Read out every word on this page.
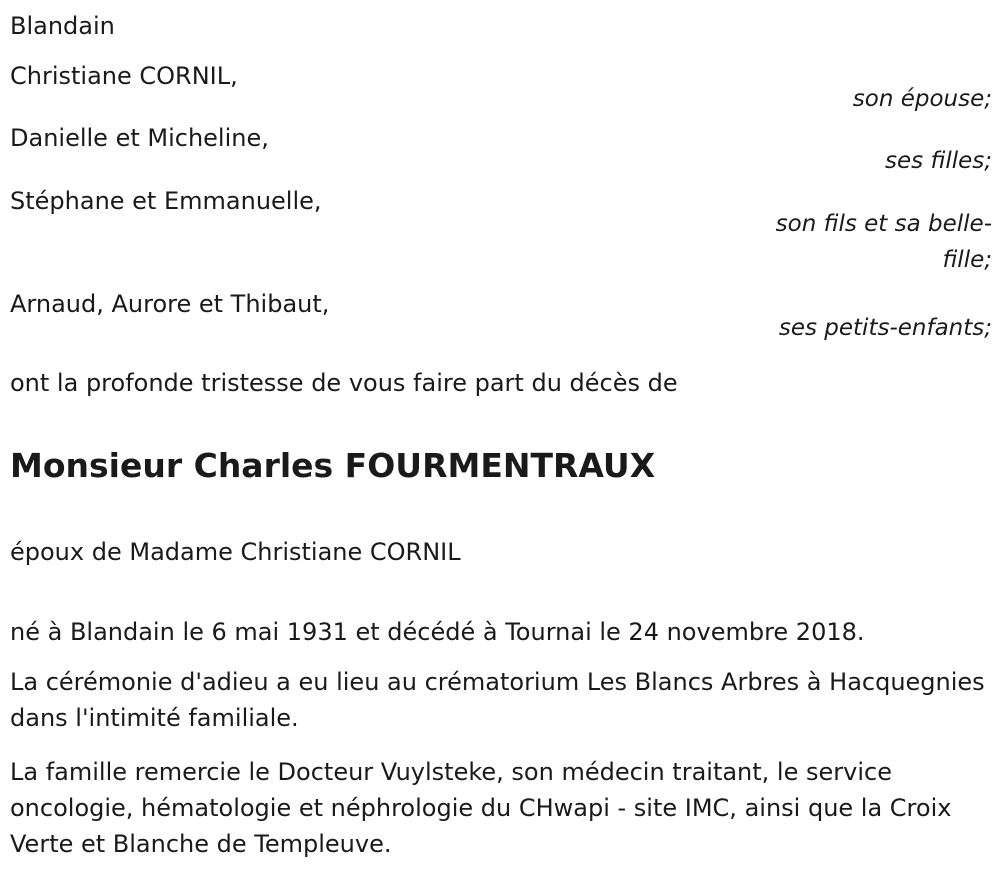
Blandain
Christiane CORNIL,
son épouse;
Danielle et Micheline,
ses filles;
Stéphane et Emmanuelle,
son fils et sa belle-fille;
Arnaud, Aurore et Thibaut,
ses petits-enfants;
ont la profonde tristesse de vous faire part du décès de
Monsieur Charles FOURMENTRAUX
époux de Madame Christiane CORNIL
né à Blandain le 6 mai 1931 et décédé à Tournai le 24 novembre 2018.
La cérémonie d'adieu a eu lieu au crématorium Les Blancs Arbres à Hacquegnies dans l'intimité familiale.
La famille remercie le Docteur Vuylsteke, son médecin traitant, le service oncologie, hématologie et néphrologie du CHwapi - site IMC, ainsi que la Croix Verte et Blanche de Templeuve.
